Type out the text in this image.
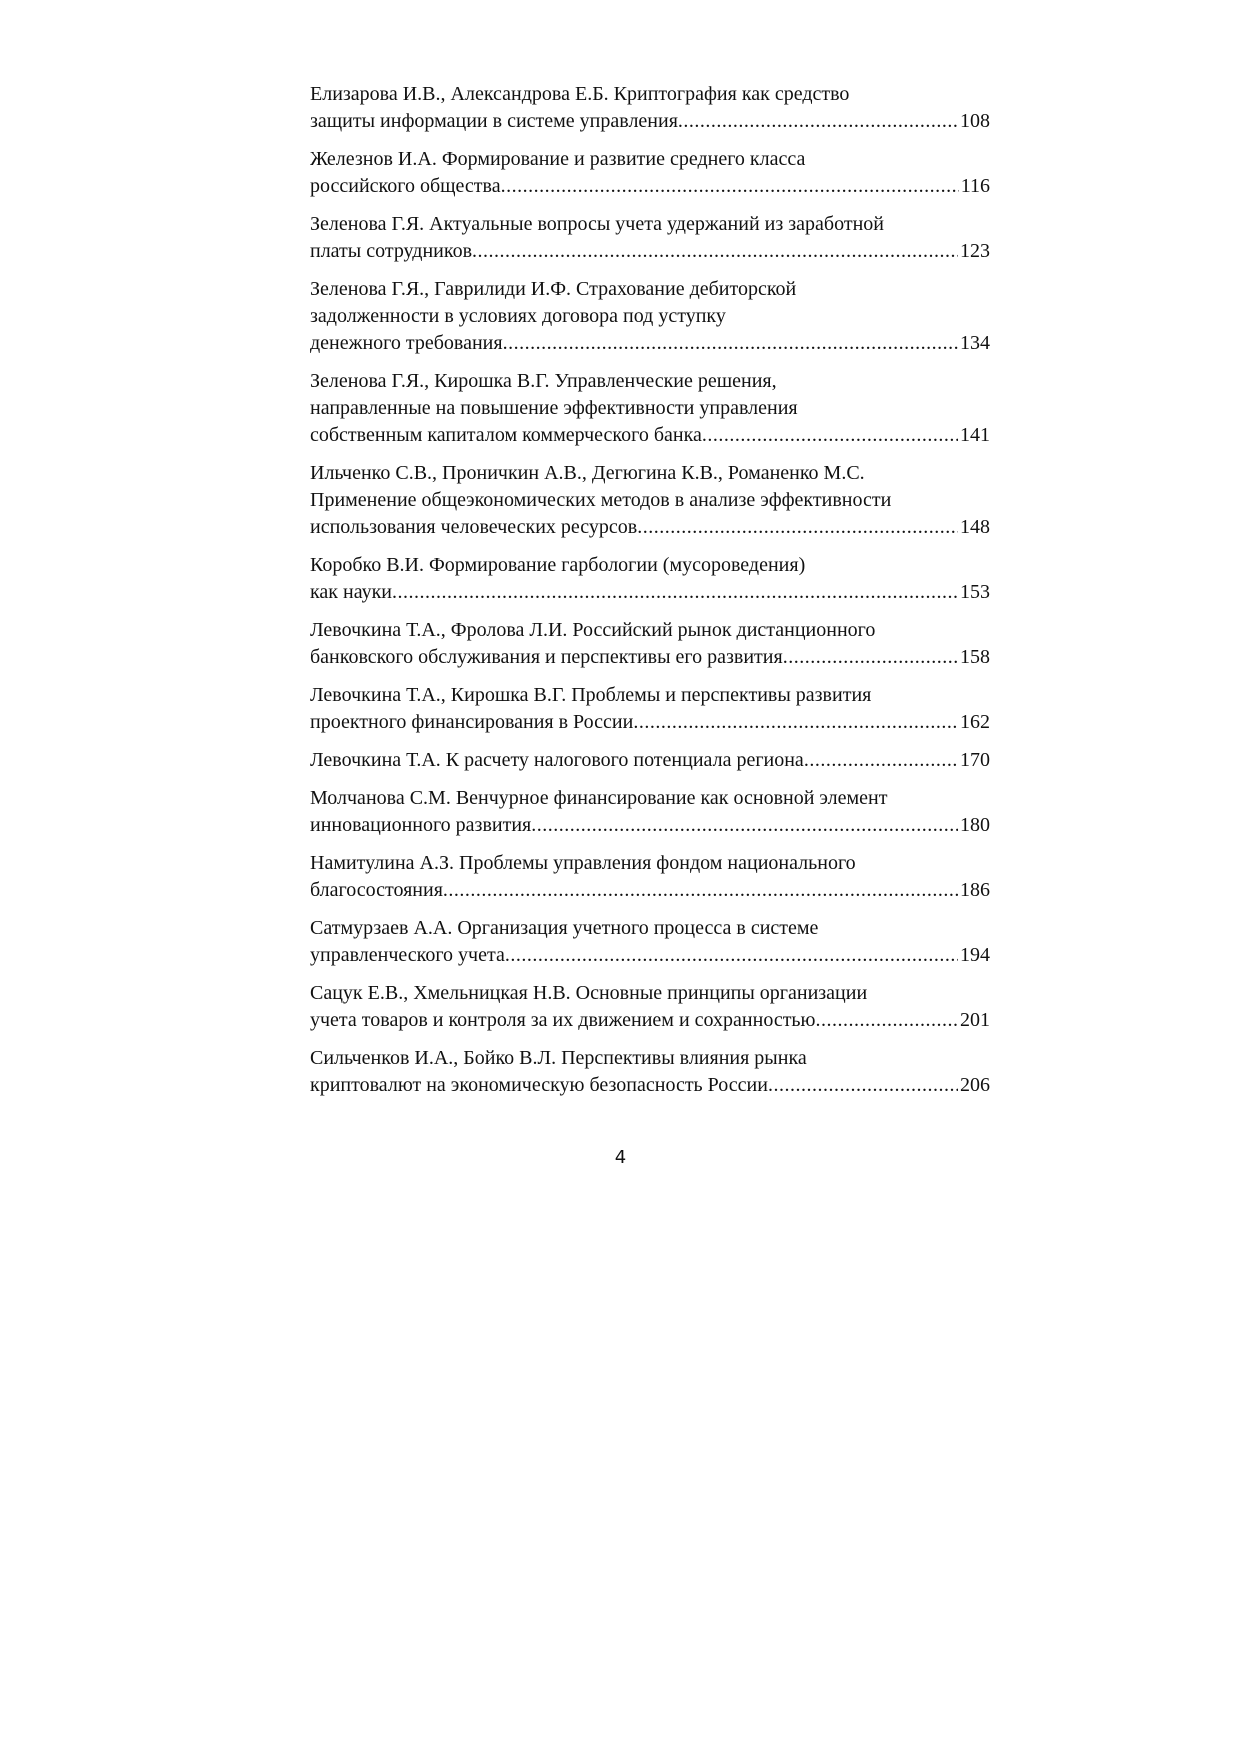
Елизарова И.В., Александрова Е.Б. Криптография как средство
защиты информации в системе управления .....	108
Железнов И.А. Формирование и развитие среднего класса
российского общества .....	116
Зеленова Г.Я. Актуальные вопросы учета удержаний из заработной
платы сотрудников .....	123
Зеленова Г.Я., Гаврилиди И.Ф. Страхование дебиторской
задолженности в условиях договора под уступку
денежного требования .....	134
Зеленова Г.Я., Кирошка В.Г. Управленческие решения,
направленные на повышение эффективности управления
собственным капиталом коммерческого банка .....	141
Ильченко С.В., Проничкин А.В., Дегюгина К.В., Романенко М.С.
Применение общеэкономических методов в анализе эффективности
использования человеческих ресурсов .....	148
Коробко В.И. Формирование гарбологии (мусороведения)
как науки .....	153
Левочкина Т.А., Фролова Л.И. Российский рынок дистанционного
банковского обслуживания и перспективы его развития .....	158
Левочкина Т.А., Кирошка В.Г. Проблемы и перспективы развития
проектного финансирования в России .....	162
Левочкина Т.А. К расчету налогового потенциала региона .....	170
Молчанова С.М. Венчурное финансирование как основной элемент
инновационного развития .....	180
Намитулина А.З. Проблемы управления фондом национального
благосостояния .....	186
Сатмурзаев А.А. Организация учетного процесса в системе
управленческого учета .....	194
Сацук Е.В., Хмельницкая Н.В. Основные принципы организации
учета товаров и контроля за их движением и сохранностью .....	201
Сильченков И.А., Бойко В.Л. Перспективы влияния рынка
криптовалют на экономическую безопасность России .....	206
4
